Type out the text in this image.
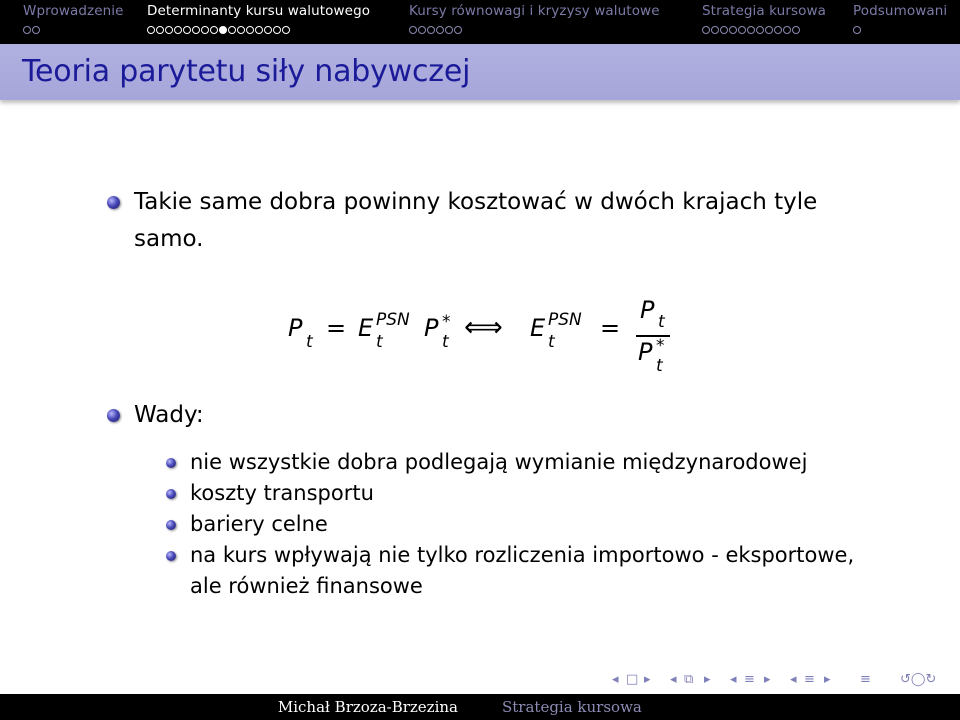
Wprowadzenie Determinanty kursu walutowego	Kursy równowagi i kryzysy walutowe	Strategia kursowa Podsumowani
Teoria parytetu siły nabywczej
Takie same dobra powinny kosztować w dwóch krajach tyle
samo.
P t = E PSN
t P *
t ⟺ E PSN
t =
P t
P *
t
Wady:
nie wszystkie dobra podlegają wymianie międzynarodowej
koszty transportu
bariery celne
na kurs wpływają nie tylko rozliczenia importowo - eksportowe,
ale również finansowe
◂ □ ▸ ◂ ⧉ ▸ ◂ ≡ ▸ ◂ ≡ ▸ ≡ ↺◯↻
Michał Brzoza-Brzezina	Strategia kursowa
